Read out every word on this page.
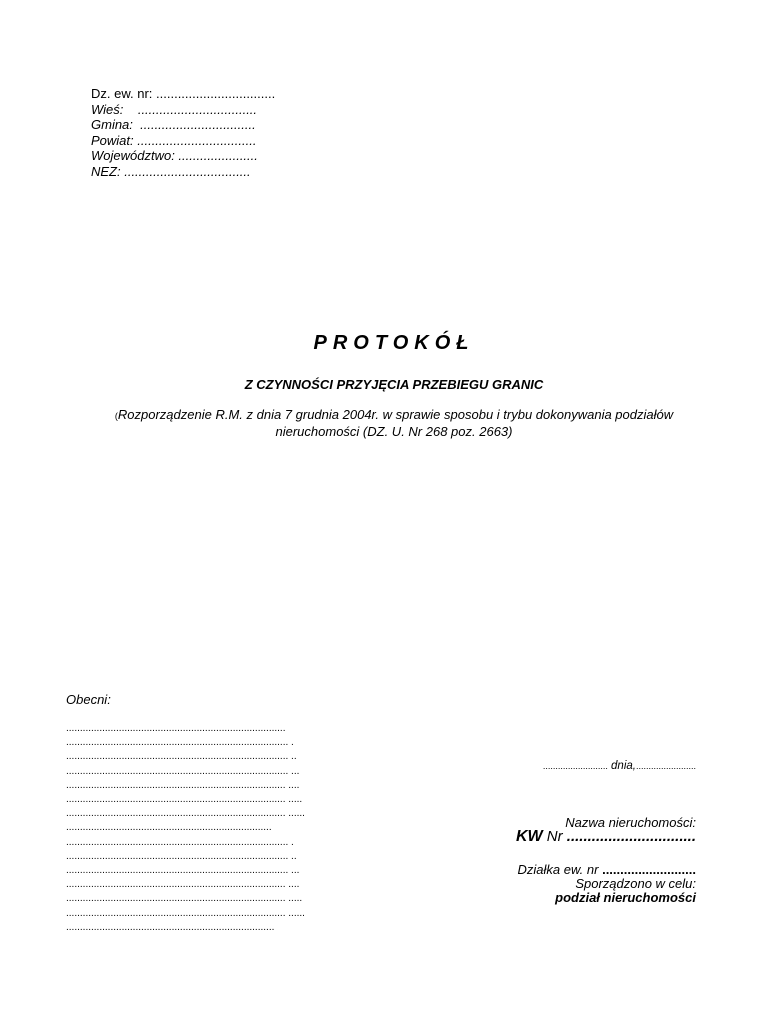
Dz. ew. nr: .................................
Wieś:    .................................
Gmina:  ................................
Powiat: .................................
Województwo: ......................
NEZ: ...................................
PROTOKÓŁ
Z CZYNNOŚCI PRZYJĘCIA PRZEBIEGU GRANIC
(Rozporządzenie R.M. z dnia 7 grudnia 2004r. w sprawie sposobu i trybu dokonywania podziałów nieruchomości (DZ. U. Nr 268 poz. 2663)
Obecni:
...............................................................................
................................................................................ .
................................................................................ ..
................................................................................ ...
............................................................................... ....
............................................................................... .....
............................................................................... ......
..........................................................................
................................................................................ .
................................................................................ ..
................................................................................ ...
............................................................................... ....
............................................................................... .....
............................................................................... ......
...........................................................................
.......................... dnia,........................
Nazwa nieruchomości:
KW Nr ...............................
Działka ew. nr ..........................
Sporządzono w celu:
podział nieruchomości
